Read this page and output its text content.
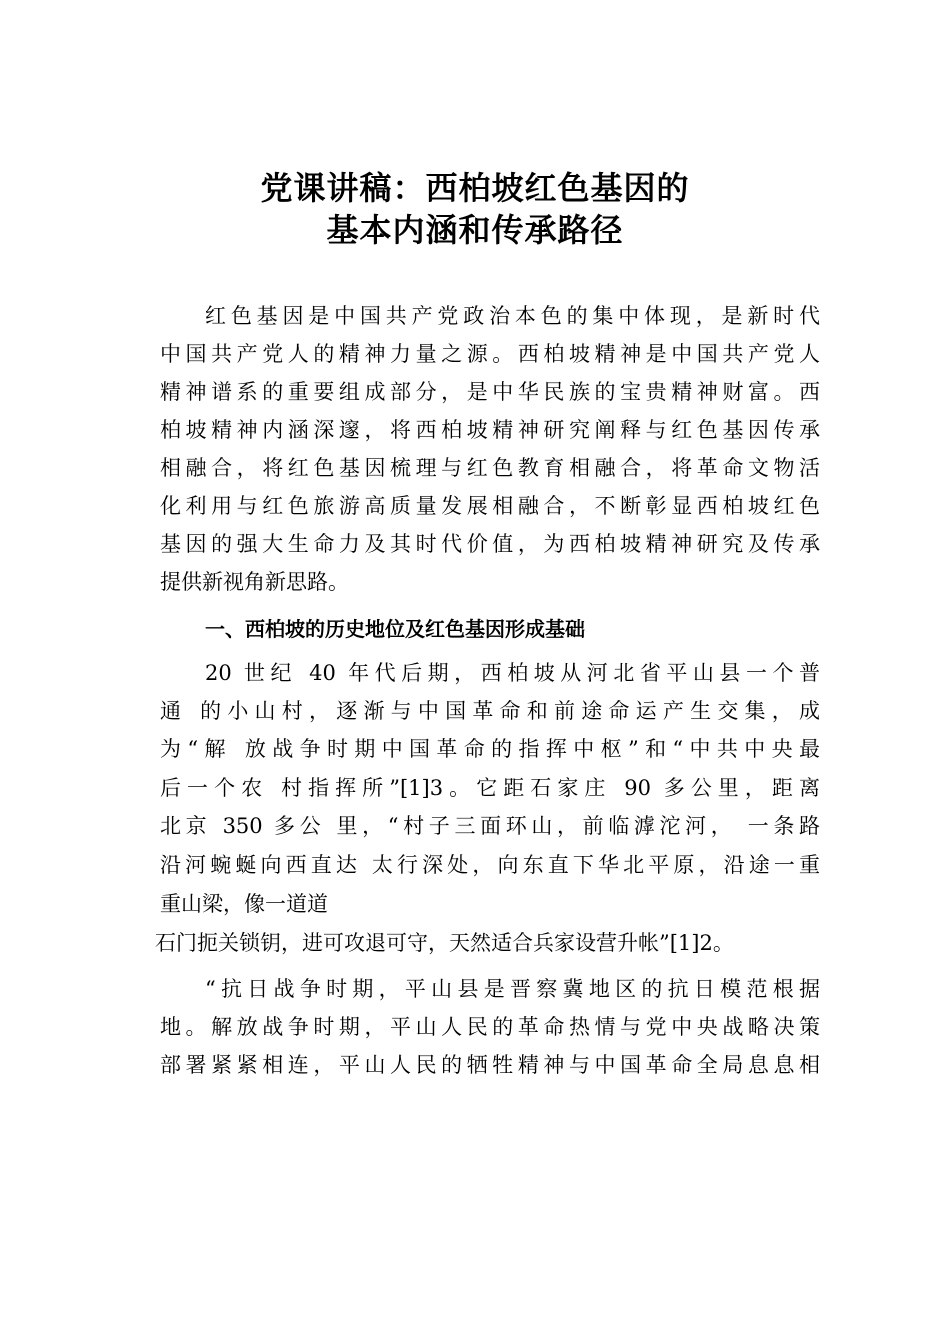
党课讲稿：西柏坡红色基因的
基本内涵和传承路径

红色基因是中国共产党政治本色的集中体现，是新时代

中国共产党人的精神力量之源。西柏坡精神是中国共产党人

精神谱系的重要组成部分，是中华民族的宝贵精神财富。西

柏坡精神内涵深邃，将西柏坡精神研究阐释与红色基因传承

相融合，将红色基因梳理与红色教育相融合，将革命文物活

化利用与红色旅游高质量发展相融合，不断彰显西柏坡红色

基因的强大生命力及其时代价值，为西柏坡精神研究及传承

提供新视角新思路。

一、西柏坡的历史地位及红色基因形成基础

20 世纪 40 年代后期，西柏坡从河北省平山县一个普

通 的小山村，逐渐与中国革命和前途命运产生交集，成

为“解 放战争时期中国革命的指挥中枢”和“中共中央最

后一个农 村指挥所”[1]3。它距石家庄 90 多公里，距离

北京 350 多公 里，“村子三面环山，前临滹沱河， 一条路

沿河蜿蜒向西直达 太行深处，向东直下华北平原，沿途一重

重山梁，像一道道

石门扼关锁钥，进可攻退可守，天然适合兵家设营升帐”[1]2。

“抗日战争时期，平山县是晋察冀地区的抗日模范根据

地。解放战争时期，平山人民的革命热情与党中央战略决策

部署紧紧相连，平山人民的牺牲精神与中国革命全局息息相
